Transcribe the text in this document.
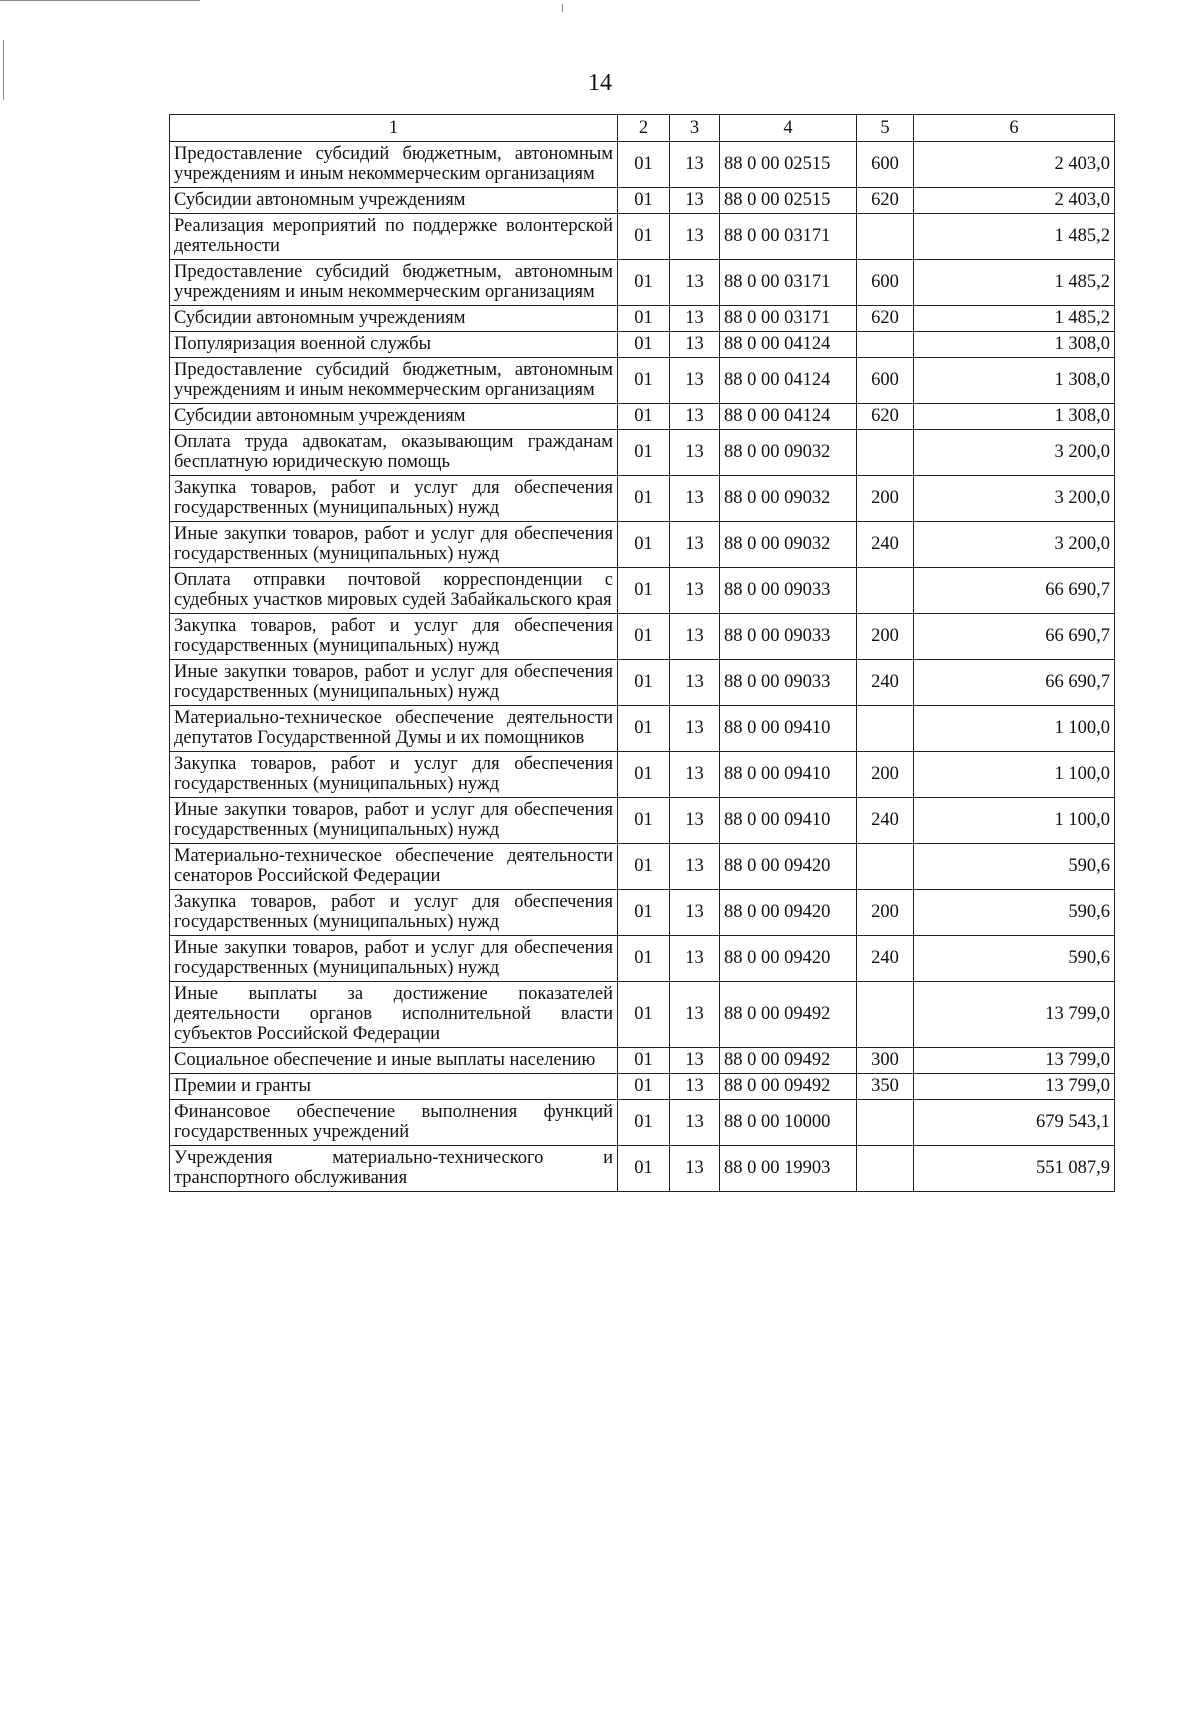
14
1	2	3	4	5	6
Предоставление субсидий бюджетным, автономным учреждениям и иным некоммерческим организациям	01	13	88 0 00 02515	600	2 403,0
Субсидии автономным учреждениям	01	13	88 0 00 02515	620	2 403,0
Реализация мероприятий по поддержке волонтерской деятельности	01	13	88 0 00 03171		1 485,2
Предоставление субсидий бюджетным, автономным учреждениям и иным некоммерческим организациям	01	13	88 0 00 03171	600	1 485,2
Субсидии автономным учреждениям	01	13	88 0 00 03171	620	1 485,2
Популяризация военной службы	01	13	88 0 00 04124		1 308,0
Предоставление субсидий бюджетным, автономным учреждениям и иным некоммерческим организациям	01	13	88 0 00 04124	600	1 308,0
Субсидии автономным учреждениям	01	13	88 0 00 04124	620	1 308,0
Оплата труда адвокатам, оказывающим гражданам бесплатную юридическую помощь	01	13	88 0 00 09032		3 200,0
Закупка товаров, работ и услуг для обеспечения государственных (муниципальных) нужд	01	13	88 0 00 09032	200	3 200,0
Иные закупки товаров, работ и услуг для обеспечения государственных (муниципальных) нужд	01	13	88 0 00 09032	240	3 200,0
Оплата отправки почтовой корреспонденции с судебных участков мировых судей Забайкальского края	01	13	88 0 00 09033		66 690,7
Закупка товаров, работ и услуг для обеспечения государственных (муниципальных) нужд	01	13	88 0 00 09033	200	66 690,7
Иные закупки товаров, работ и услуг для обеспечения государственных (муниципальных) нужд	01	13	88 0 00 09033	240	66 690,7
Материально-техническое обеспечение деятельности депутатов Государственной Думы и их помощников	01	13	88 0 00 09410		1 100,0
Закупка товаров, работ и услуг для обеспечения государственных (муниципальных) нужд	01	13	88 0 00 09410	200	1 100,0
Иные закупки товаров, работ и услуг для обеспечения государственных (муниципальных) нужд	01	13	88 0 00 09410	240	1 100,0
Материально-техническое обеспечение деятельности сенаторов Российской Федерации	01	13	88 0 00 09420		590,6
Закупка товаров, работ и услуг для обеспечения государственных (муниципальных) нужд	01	13	88 0 00 09420	200	590,6
Иные закупки товаров, работ и услуг для обеспечения государственных (муниципальных) нужд	01	13	88 0 00 09420	240	590,6
Иные выплаты за достижение показателей деятельности органов исполнительной власти субъектов Российской Федерации	01	13	88 0 00 09492		13 799,0
Социальное обеспечение и иные выплаты населению	01	13	88 0 00 09492	300	13 799,0
Премии и гранты	01	13	88 0 00 09492	350	13 799,0
Финансовое обеспечение выполнения функций государственных учреждений	01	13	88 0 00 10000		679 543,1
Учреждения материально-технического и транспортного обслуживания	01	13	88 0 00 19903		551 087,9
